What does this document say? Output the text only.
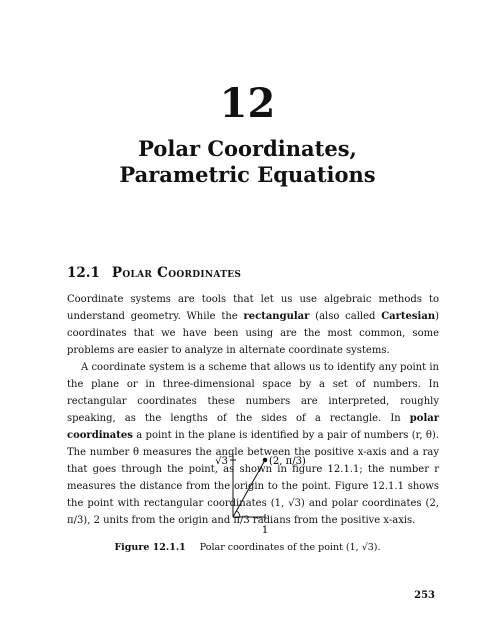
12
Polar Coordinates,
Parametric Equations
12.1 Polar Coordinates

Coordinate systems are tools that let us use algebraic methods to understand geometry. While the rectangular (also called Cartesian) coordinates that we have been using are the most common, some problems are easier to analyze in alternate coordinate systems.

A coordinate system is a scheme that allows us to identify any point in the plane or in three-dimensional space by a set of numbers. In rectangular coordinates these numbers are interpreted, roughly speaking, as the lengths of the sides of a rectangle. In polar coordinates a point in the plane is identified by a pair of numbers (r, θ). The number θ measures the angle between the positive x-axis and a ray that goes through the point, as shown in figure 12.1.1; the number r measures the distance from the origin to the point. Figure 12.1.1 shows the point with rectangular coordinates (1, √3) and polar coordinates (2, π/3), 2 units from the origin and π/3 radians from the positive x-axis.

√3	(2, π/3)
1
Figure 12.1.1 Polar coordinates of the point (1, √3).
253
